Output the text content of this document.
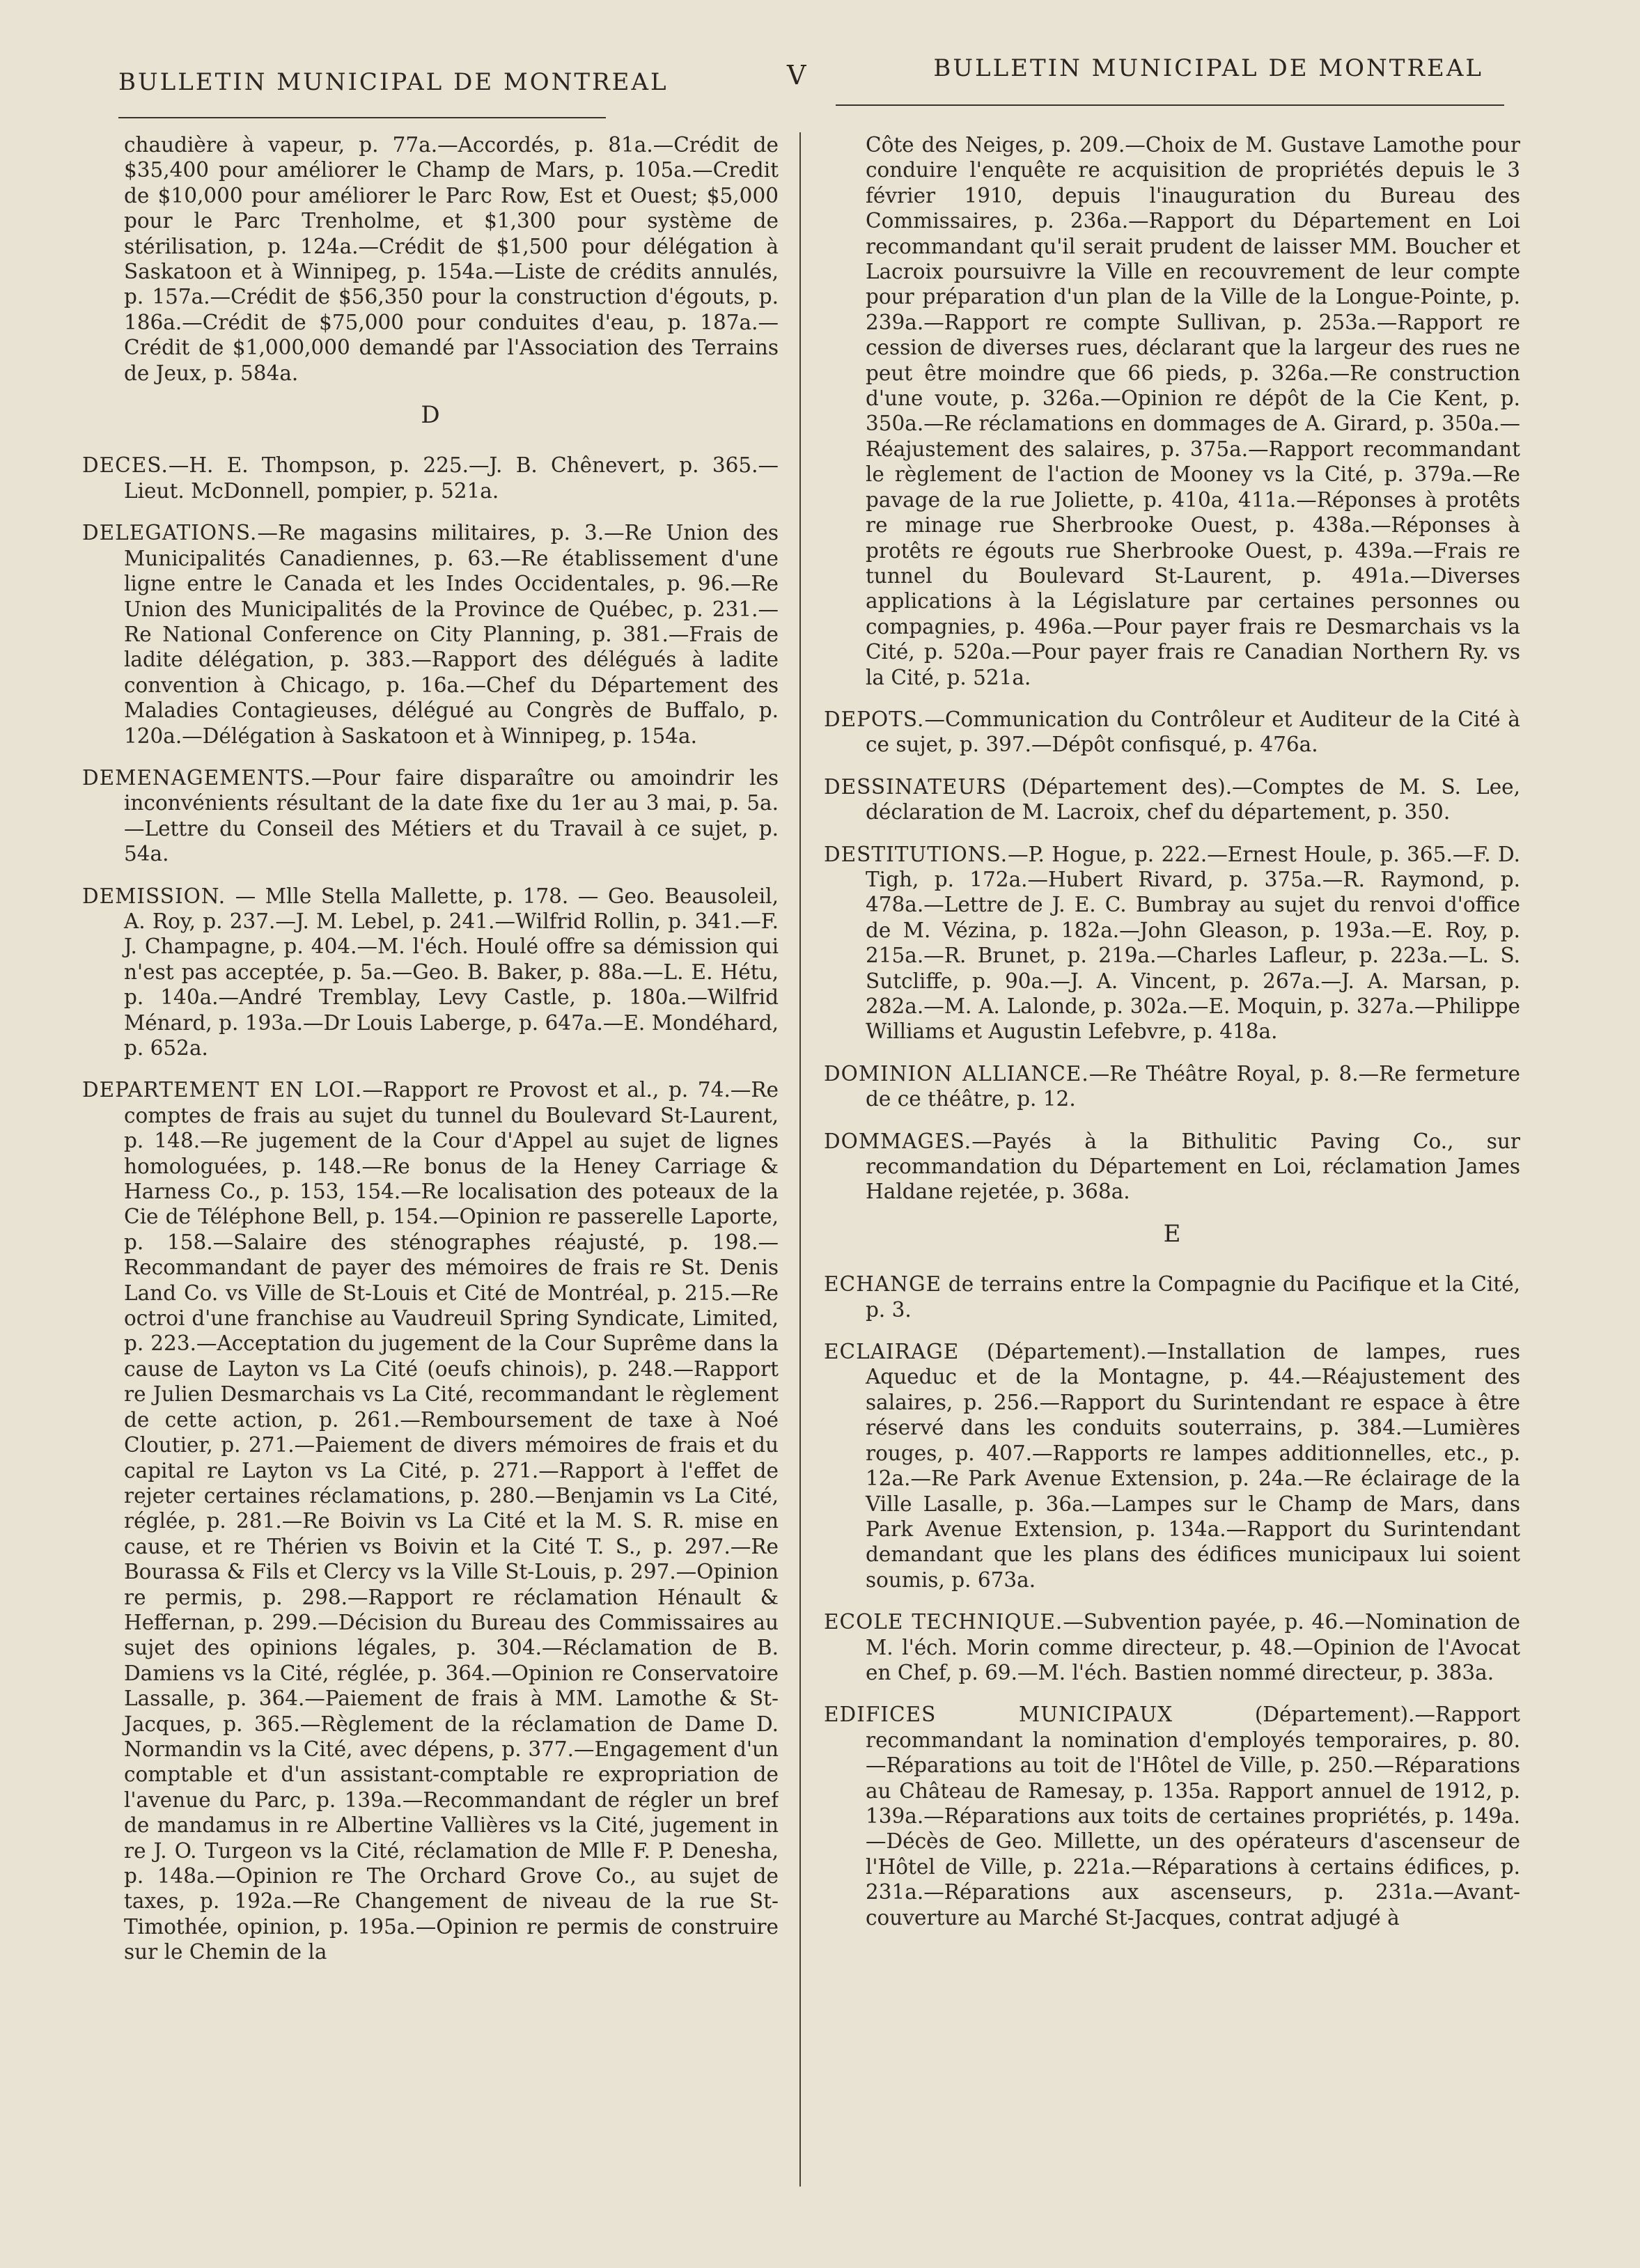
BULLETIN MUNICIPAL DE MONTREAL	V	BULLETIN MUNICIPAL DE MONTREAL

chaudière à vapeur, p. 77a.—Accordés, p. 81a.—Crédit de $35,400 pour améliorer le Champ de Mars, p. 105a.—Credit de $10,000 pour améliorer le Parc Row, Est et Ouest; $5,000 pour le Parc Trenholme, et $1,300 pour système de stérilisation, p. 124a.—Crédit de $1,500 pour délégation à Saskatoon et à Winnipeg, p. 154a.—Liste de crédits annulés, p. 157a.—Crédit de $56,350 pour la construction d'égouts, p. 186a.—Crédit de $75,000 pour conduites d'eau, p. 187a.—Crédit de $1,000,000 demandé par l'Association des Terrains de Jeux, p. 584a.

D

DECES.—H. E. Thompson, p. 225.—J. B. Chênevert, p. 365.—Lieut. McDonnell, pompier, p. 521a.

DELEGATIONS.—Re magasins militaires, p. 3.—Re Union des Municipalités Canadiennes, p. 63.—Re établissement d'une ligne entre le Canada et les Indes Occidentales, p. 96.—Re Union des Municipalités de la Province de Québec, p. 231.—Re National Conference on City Planning, p. 381.—Frais de ladite délégation, p. 383.—Rapport des délégués à ladite convention à Chicago, p. 16a.—Chef du Département des Maladies Contagieuses, délégué au Congrès de Buffalo, p. 120a.—Délégation à Saskatoon et à Winnipeg, p. 154a.

DEMENAGEMENTS.—Pour faire disparaître ou amoindrir les inconvénients résultant de la date fixe du 1er au 3 mai, p. 5a.—Lettre du Conseil des Métiers et du Travail à ce sujet, p. 54a.

DEMISSION. — Mlle Stella Mallette, p. 178. — Geo. Beausoleil, A. Roy, p. 237.—J. M. Lebel, p. 241.—Wilfrid Rollin, p. 341.—F. J. Champagne, p. 404.—M. l'éch. Houlé offre sa démission qui n'est pas acceptée, p. 5a.—Geo. B. Baker, p. 88a.—L. E. Hétu, p. 140a.—André Tremblay, Levy Castle, p. 180a.—Wilfrid Ménard, p. 193a.—Dr Louis Laberge, p. 647a.—E. Mondéhard, p. 652a.

DEPARTEMENT EN LOI.—Rapport re Provost et al., p. 74.—Re comptes de frais au sujet du tunnel du Boulevard St-Laurent, p. 148.—Re jugement de la Cour d'Appel au sujet de lignes homologuées, p. 148.—Re bonus de la Heney Carriage & Harness Co., p. 153, 154.—Re localisation des poteaux de la Cie de Téléphone Bell, p. 154.—Opinion re passerelle Laporte, p. 158.—Salaire des sténographes réajusté, p. 198.—Recommandant de payer des mémoires de frais re St. Denis Land Co. vs Ville de St-Louis et Cité de Montréal, p. 215.—Re octroi d'une franchise au Vaudreuil Spring Syndicate, Limited, p. 223.—Acceptation du jugement de la Cour Suprême dans la cause de Layton vs La Cité (oeufs chinois), p. 248.—Rapport re Julien Desmarchais vs La Cité, recommandant le règlement de cette action, p. 261.—Remboursement de taxe à Noé Cloutier, p. 271.—Paiement de divers mémoires de frais et du capital re Layton vs La Cité, p. 271.—Rapport à l'effet de rejeter certaines réclamations, p. 280.—Benjamin vs La Cité, réglée, p. 281.—Re Boivin vs La Cité et la M. S. R. mise en cause, et re Thérien vs Boivin et la Cité T. S., p. 297.—Re Bourassa & Fils et Clercy vs la Ville St-Louis, p. 297.—Opinion re permis, p. 298.—Rapport re réclamation Hénault & Heffernan, p. 299.—Décision du Bureau des Commissaires au sujet des opinions légales, p. 304.—Réclamation de B. Damiens vs la Cité, réglée, p. 364.—Opinion re Conservatoire Lassalle, p. 364.—Paiement de frais à MM. Lamothe & St-Jacques, p. 365.—Règlement de la réclamation de Dame D. Normandin vs la Cité, avec dépens, p. 377.—Engagement d'un comptable et d'un assistant-comptable re expropriation de l'avenue du Parc, p. 139a.—Recommandant de régler un bref de mandamus in re Albertine Vallières vs la Cité, jugement in re J. O. Turgeon vs la Cité, réclamation de Mlle F. P. Denesha, p. 148a.—Opinion re The Orchard Grove Co., au sujet de taxes, p. 192a.—Re Changement de niveau de la rue St-Timothée, opinion, p. 195a.—Opinion re permis de construire sur le Chemin de la

Côte des Neiges, p. 209.—Choix de M. Gustave Lamothe pour conduire l'enquête re acquisition de propriétés depuis le 3 février 1910, depuis l'inauguration du Bureau des Commissaires, p. 236a.—Rapport du Département en Loi recommandant qu'il serait prudent de laisser MM. Boucher et Lacroix poursuivre la Ville en recouvrement de leur compte pour préparation d'un plan de la Ville de la Longue-Pointe, p. 239a.—Rapport re compte Sullivan, p. 253a.—Rapport re cession de diverses rues, déclarant que la largeur des rues ne peut être moindre que 66 pieds, p. 326a.—Re construction d'une voute, p. 326a.—Opinion re dépôt de la Cie Kent, p. 350a.—Re réclamations en dommages de A. Girard, p. 350a.—Réajustement des salaires, p. 375a.—Rapport recommandant le règlement de l'action de Mooney vs la Cité, p. 379a.—Re pavage de la rue Joliette, p. 410a, 411a.—Réponses à protêts re minage rue Sherbrooke Ouest, p. 438a.—Réponses à protêts re égouts rue Sherbrooke Ouest, p. 439a.—Frais re tunnel du Boulevard St-Laurent, p. 491a.—Diverses applications à la Législature par certaines personnes ou compagnies, p. 496a.—Pour payer frais re Desmarchais vs la Cité, p. 520a.—Pour payer frais re Canadian Northern Ry. vs la Cité, p. 521a.

DEPOTS.—Communication du Contrôleur et Auditeur de la Cité à ce sujet, p. 397.—Dépôt confisqué, p. 476a.

DESSINATEURS (Département des).—Comptes de M. S. Lee, déclaration de M. Lacroix, chef du département, p. 350.

DESTITUTIONS.—P. Hogue, p. 222.—Ernest Houle, p. 365.—F. D. Tigh, p. 172a.—Hubert Rivard, p. 375a.—R. Raymond, p. 478a.—Lettre de J. E. C. Bumbray au sujet du renvoi d'office de M. Vézina, p. 182a.—John Gleason, p. 193a.—E. Roy, p. 215a.—R. Brunet, p. 219a.—Charles Lafleur, p. 223a.—L. S. Sutcliffe, p. 90a.—J. A. Vincent, p. 267a.—J. A. Marsan, p. 282a.—M. A. Lalonde, p. 302a.—E. Moquin, p. 327a.—Philippe Williams et Augustin Lefebvre, p. 418a.

DOMINION ALLIANCE.—Re Théâtre Royal, p. 8.—Re fermeture de ce théâtre, p. 12.

DOMMAGES.—Payés à la Bithulitic Paving Co., sur recommandation du Département en Loi, réclamation James Haldane rejetée, p. 368a.

E

ECHANGE de terrains entre la Compagnie du Pacifique et la Cité, p. 3.

ECLAIRAGE (Département).—Installation de lampes, rues Aqueduc et de la Montagne, p. 44.—Réajustement des salaires, p. 256.—Rapport du Surintendant re espace à être réservé dans les conduits souterrains, p. 384.—Lumières rouges, p. 407.—Rapports re lampes additionnelles, etc., p. 12a.—Re Park Avenue Extension, p. 24a.—Re éclairage de la Ville Lasalle, p. 36a.—Lampes sur le Champ de Mars, dans Park Avenue Extension, p. 134a.—Rapport du Surintendant demandant que les plans des édifices municipaux lui soient soumis, p. 673a.

ECOLE TECHNIQUE.—Subvention payée, p. 46.—Nomination de M. l'éch. Morin comme directeur, p. 48.—Opinion de l'Avocat en Chef, p. 69.—M. l'éch. Bastien nommé directeur, p. 383a.

EDIFICES MUNICIPAUX (Département).—Rapport recommandant la nomination d'employés temporaires, p. 80.—Réparations au toit de l'Hôtel de Ville, p. 250.—Réparations au Château de Ramesay, p. 135a. Rapport annuel de 1912, p. 139a.—Réparations aux toits de certaines propriétés, p. 149a.—Décès de Geo. Millette, un des opérateurs d'ascenseur de l'Hôtel de Ville, p. 221a.—Réparations à certains édifices, p. 231a.—Réparations aux ascenseurs, p. 231a.—Avant-couverture au Marché St-Jacques, contrat adjugé à
